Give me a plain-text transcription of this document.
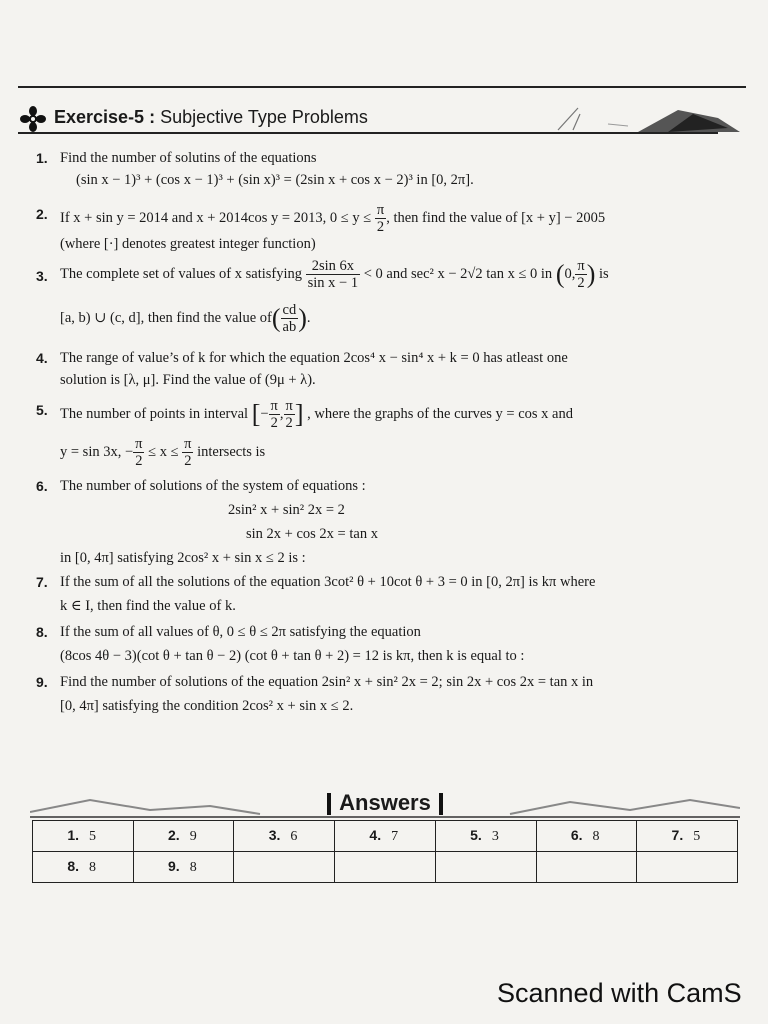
Exercise-5 : Subjective Type Problems
1. Find the number of solutins of the equations
(sin x − 1)³ + (cos x − 1)³ + (sin x)³ = (2sin x + cos x − 2)³ in [0, 2π].
2. If x + sin y = 2014 and x + 2014cos y = 2013, $0 \le y \le \frac{\pi}{2}$ , then find the value of [x + y] − 2005
(where [·] denotes greatest integer function)
3. The complete set of values of x satisfying $\frac{2\sin 6x}{\text{sin x − 1}} < 0$ and sec² x − 2√2 tan x ≤ 0 in (0, $\frac{\pi}{2}$ ) is
[a, b) ∪ (c, d], then find the value $of( \frac{cd}{ab}$ ).
4. The range of value’s of k for which the equation 2cos⁴ x − sin⁴ x + k = 0 has atleast one
solution is [λ, μ]. Find the value of (9μ + λ).
5. The number of points in interval [− $\frac{\pi}{2}$ , $\frac{\pi}{2}$ ] , where the graphs of the curves y = cos x and
y = sin 3x, − $\frac{\pi}{2} \le x \le \frac{\pi}{2}$ intersects is
6. The number of solutions of the system of equations :
2sin² x + sin² 2x = 2
sin 2x + cos 2x = tan x
in [0, 4π] satisfying 2cos² x + sin x ≤ 2 is :
7. If the sum of all the solutions of the equation 3cot² θ + 10cot θ + 3 = 0 in [0, 2π] is kπ where
k ∈ I, then find the value of k.
8. If the sum of all values of θ, 0 ≤ θ ≤ 2π satisfying the equation
(8cos 4θ − 3)(cot θ + tan θ − 2) (cot θ + tan θ + 2) = 12 is kπ, then k is equal to :
9. Find the number of solutions of the equation 2sin² x + sin² 2x = 2; sin 2x + cos 2x = tan x in
[0, 4π] satisfying the condition 2cos² x + sin x ≤ 2.
Answers
1. 5	2. 9	3. 6	4. 7	5. 3	6. 8	7. 5
8. 8	9. 8					
Scanned with CamS
